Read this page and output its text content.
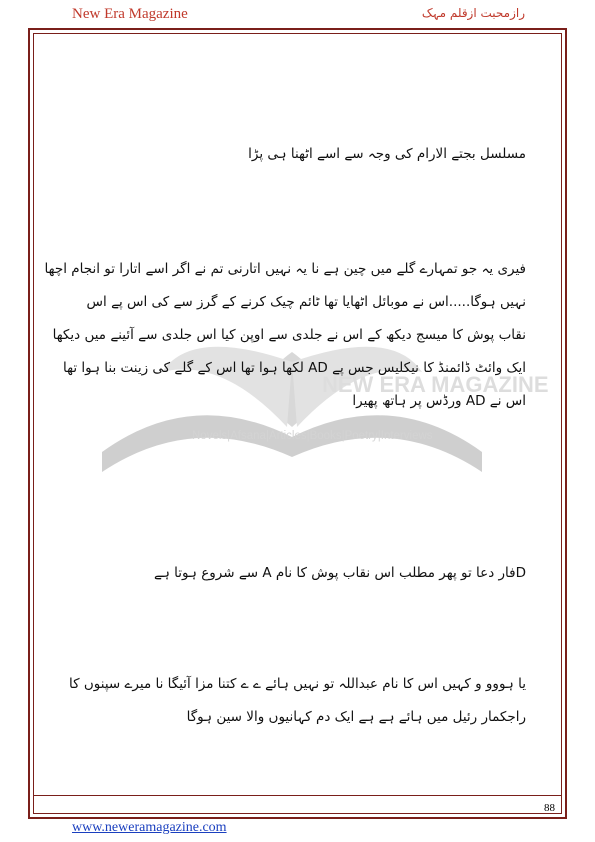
New Era Magazine	رازمحبت ازقلم مہک
NEW ERA MAGAZINE
Novels|Afsana|Articles|Books|Poetry|Interviews
مسلسل بجتے الارام کی وجہ سے اسے اٹھنا ہی پڑا
فیری یہ جو تمہارے گلے میں چین ہے نا یہ نہیں اتارنی تم نے اگر اسے اتارا تو انجام اچھا
نہیں ہوگا.....اس نے موبائل اٹھایا تھا ٹائم چیک کرنے کے گرز سے کی اس پے اس
نقاب پوش کا میسج دیکھ کے اس نے جلدی سے اوپن کیا اس جلدی سے آئینے میں دیکھا
ایک وائٹ ڈائمنڈ کا نیکلیس جس پے AD لکھا ہوا تھا اس کے گلے کی زینت بنا ہوا تھا
اس نے AD ورڈس پر ہاتھ پھیرا
Dفار دعا تو پھر مطلب اس نقاب پوش کا نام A سے شروع ہوتا ہے
یا ہووو و کہیں اس کا نام عبداللہ تو نہیں ہائے ے ے کتنا مزا آئیگا نا میرے سپنوں کا
راجکمار رئیل میں ہائے ہے ہے ایک دم کہانیوں والا سین ہوگا
88
www.neweramagazine.com
